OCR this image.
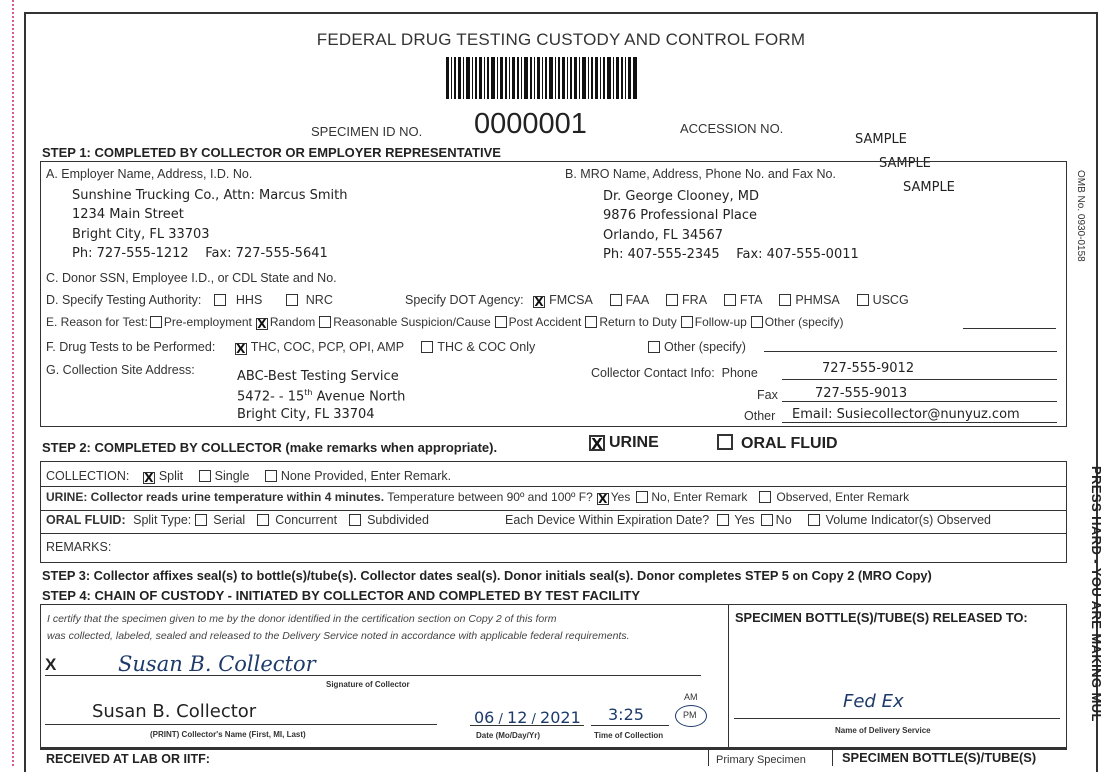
FEDERAL DRUG TESTING CUSTODY AND CONTROL FORM
SPECIMEN ID NO. 0000001	ACCESSION NO.
SAMPLE
SAMPLE
SAMPLE
STEP 1: COMPLETED BY COLLECTOR OR EMPLOYER REPRESENTATIVE
A. Employer Name, Address, I.D. No.
Sunshine Trucking Co., Attn: Marcus Smith
1234 Main Street
Bright City, FL 33703
Ph: 727-555-1212    Fax: 727-555-5641
B. MRO Name, Address, Phone No. and Fax No.
Dr. George Clooney, MD
9876 Professional Place
Orlando, FL 34567
Ph: 407-555-2345    Fax: 407-555-0011
C. Donor SSN, Employee I.D., or CDL State and No.
D. Specify Testing Authority:	HHS	NRC	Specify DOT Agency: X FMCSA	FAA	FRA	FTA	PHMSA	USCG
E. Reason for Test: Pre-employment X Random Reasonable Suspicion/Cause Post Accident Return to Duty Follow-up Other (specify)
F. Drug Tests to be Performed: X THC, COC, PCP, OPI, AMP	THC & COC Only	Other (specify)
G. Collection Site Address:	ABC-Best Testing Service
5472- - 15th Avenue North
Bright City, FL 33704
Collector Contact Info: Phone	727-555-9012
Fax	727-555-9013
Other Email: Susiecollector@nunyuz.com
OMB No. 0930-0158
STEP 2: COMPLETED BY COLLECTOR (make remarks when appropriate).	X URINE	ORAL FLUID
COLLECTION: X Split	Single	None Provided, Enter Remark.
URINE: Collector reads urine temperature within 4 minutes. Temperature between 90º and 100º F? X Yes No, Enter Remark Observed, Enter Remark
ORAL FLUID: Split Type: Serial Concurrent Subdivided	Each Device Within Expiration Date? Yes No	Volume Indicator(s) Observed
REMARKS:
STEP 3: Collector affixes seal(s) to bottle(s)/tube(s). Collector dates seal(s). Donor initials seal(s). Donor completes STEP 5 on Copy 2 (MRO Copy)
STEP 4: CHAIN OF CUSTODY - INITIATED BY COLLECTOR AND COMPLETED BY TEST FACILITY
I certify that the specimen given to me by the donor identified in the certification section on Copy 2 of this form
was collected, labeled, sealed and released to the Delivery Service noted in accordance with applicable federal requirements.
SPECIMEN BOTTLE(S)/TUBE(S) RELEASED TO:
X	Susan B. Collector
Signature of Collector
Susan B. Collector
(PRINT) Collector's Name (First, MI, Last)
06 / 12 / 2021
Date (Mo/Day/Yr)
3:25
Time of Collection
AM
PM
Fed Ex
Name of Delivery Service
RECEIVED AT LAB OR IITF:	Primary Specimen	SPECIMEN BOTTLE(S)/TUBE(S)
PRESS HARD - YOU ARE MAKING MUL
